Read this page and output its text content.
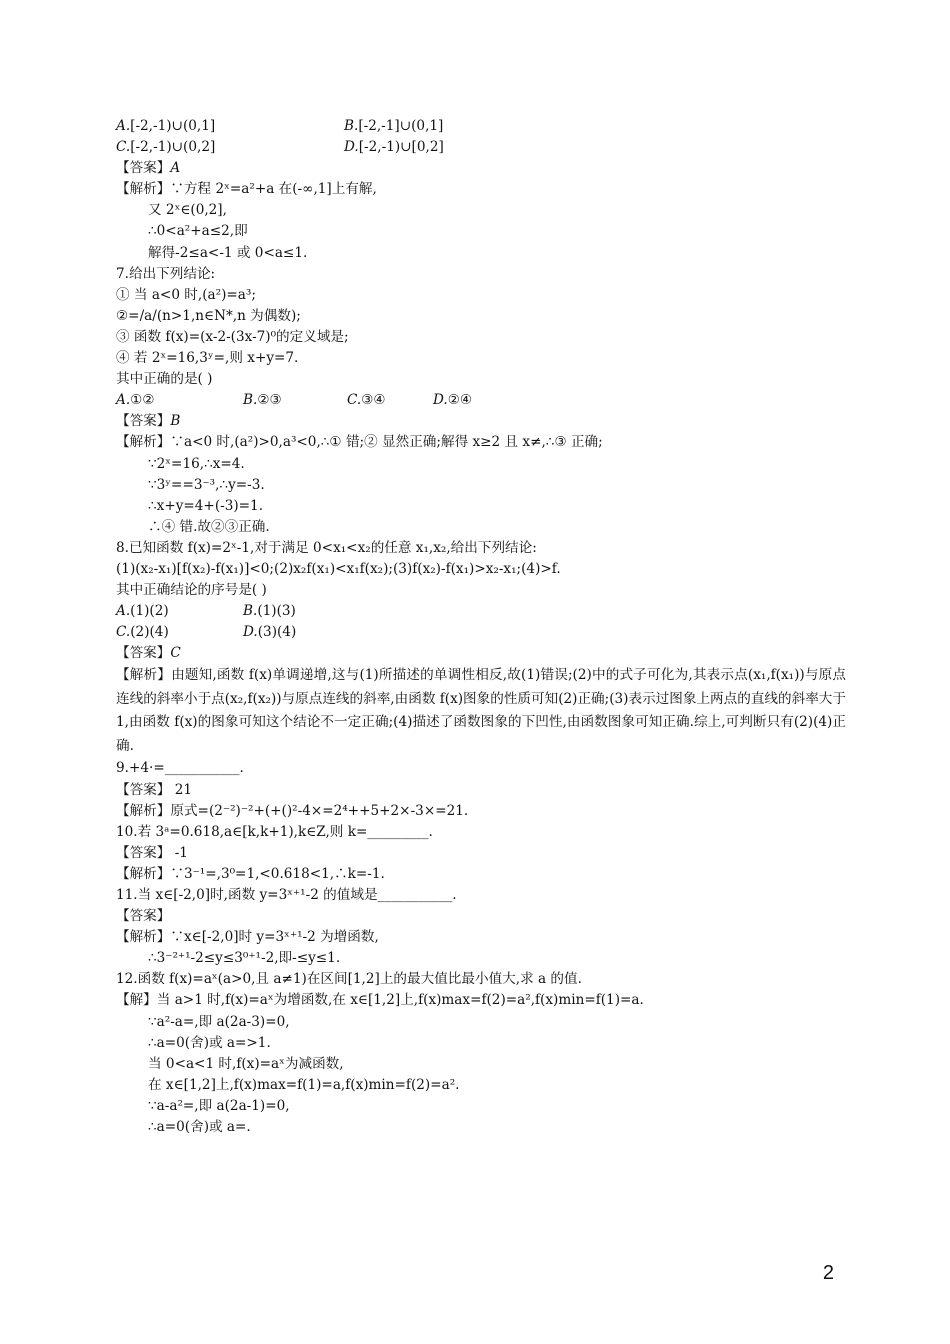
A.[-2,-1)∪(0,1]	B.[-2,-1]∪(0,1]
C.[-2,-1)∪(0,2]	D.[-2,-1)∪[0,2]
【答案】A
【解析】∵方程 2ˣ=a²+a 在(-∞,1]上有解,
又 2ˣ∈(0,2],
∴0<a²+a≤2,即
解得-2≤a<-1 或 0<a≤1.
7.给出下列结论:
① 当 a<0 时,(a²)=a³;
②=/a/(n>1,n∈N*,n 为偶数);
③ 函数 f(x)=(x-2-(3x-7)⁰的定义域是;
④ 若 2ˣ=16,3ʸ=,则 x+y=7.
其中正确的是( )
A.①②	B.②③	C.③④	D.②④
【答案】B
【解析】∵a<0 时,(a²)>0,a³<0,∴① 错;② 显然正确;解得 x≥2 且 x≠,∴③ 正确;
∵2ˣ=16,∴x=4.
∵3ʸ==3⁻³,∴y=-3.
∴x+y=4+(-3)=1.
∴④ 错.故②③正确.
8.已知函数 f(x)=2ˣ-1,对于满足 0<x₁<x₂的任意 x₁,x₂,给出下列结论:
(1)(x₂-x₁)[f(x₂)-f(x₁)]<0;(2)x₂f(x₁)<x₁f(x₂);(3)f(x₂)-f(x₁)>x₂-x₁;(4)>f.
其中正确结论的序号是( )
A.(1)(2)	B.(1)(3)
C.(2)(4)	D.(3)(4)
【答案】C
【解析】由题知,函数 f(x)单调递增,这与(1)所描述的单调性相反,故(1)错误;(2)中的式子可化为,其表示点(x₁,f(x₁))与原点连线的斜率小于点(x₂,f(x₂))与原点连线的斜率,由函数 f(x)图象的性质可知(2)正确;(3)表示过图象上两点的直线的斜率大于 1,由函数 f(x)的图象可知这个结论不一定正确;(4)描述了函数图象的下凹性,由函数图象可知正确.综上,可判断只有(2)(4)正确.
9.+4·=___________.
【答案】 21
【解析】原式=(2⁻²)⁻²+(+()²-4×=2⁴++5+2×-3×=21.
10.若 3ᵃ=0.618,a∈[k,k+1),k∈Z,则 k=_________.
【答案】 -1
【解析】∵3⁻¹=,3⁰=1,<0.618<1,∴k=-1.
11.当 x∈[-2,0]时,函数 y=3ˣ⁺¹-2 的值域是___________.
【答案】
【解析】∵x∈[-2,0]时 y=3ˣ⁺¹-2 为增函数,
∴3⁻²⁺¹-2≤y≤3⁰⁺¹-2,即-≤y≤1.
12.函数 f(x)=aˣ(a>0,且 a≠1)在区间[1,2]上的最大值比最小值大,求 a 的值.
【解】当 a>1 时,f(x)=aˣ为增函数,在 x∈[1,2]上,f(x)max=f(2)=a²,f(x)min=f(1)=a.
∵a²-a=,即 a(2a-3)=0,
∴a=0(舍)或 a=>1.
当 0<a<1 时,f(x)=aˣ为减函数,
在 x∈[1,2]上,f(x)max=f(1)=a,f(x)min=f(2)=a².
∵a-a²=,即 a(2a-1)=0,
∴a=0(舍)或 a=.
2
